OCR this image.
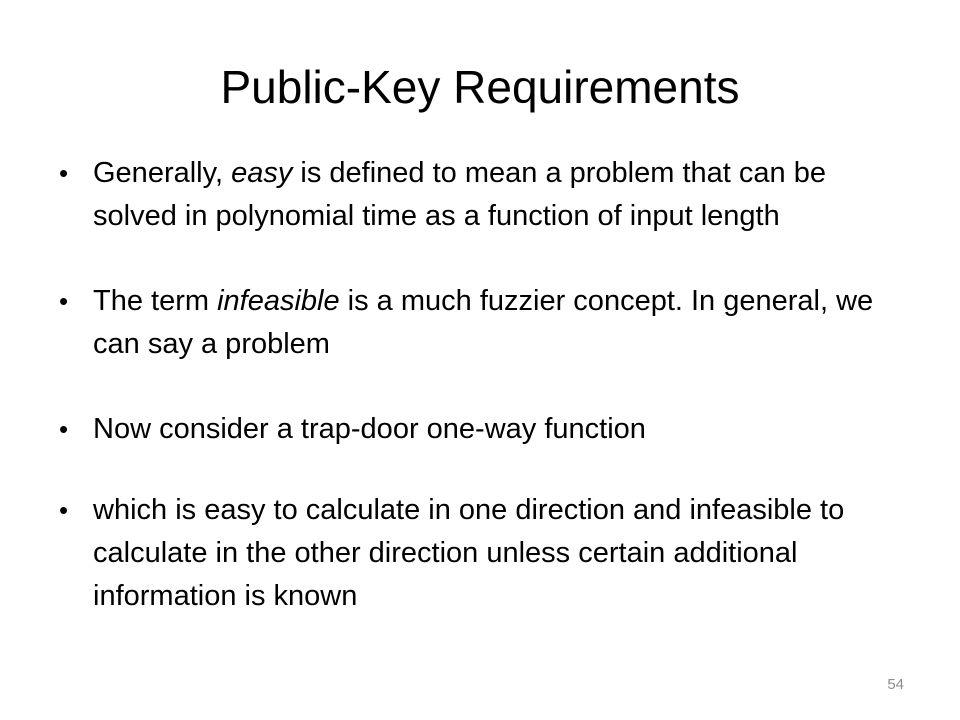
Public-Key Requirements
• Generally, easy is defined to mean a problem that can be solved in polynomial time as a function of input length
• The term infeasible is a much fuzzier concept. In general, we can say a problem
• Now consider a trap-door one-way function
• which is easy to calculate in one direction and infeasible to calculate in the other direction unless certain additional information is known
54
